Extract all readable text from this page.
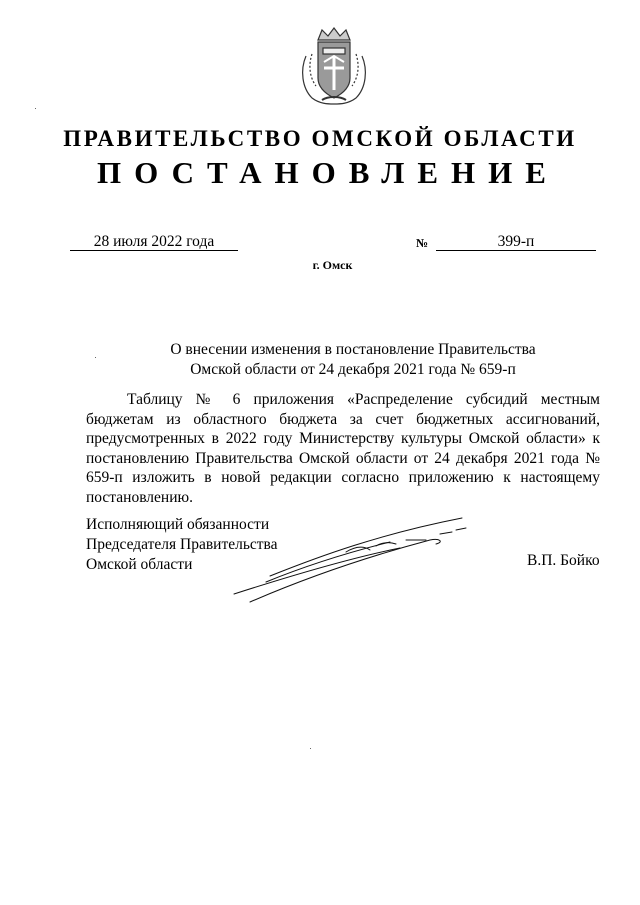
ПРАВИТЕЛЬСТВО ОМСКОЙ ОБЛАСТИ
ПОСТАНОВЛЕНИЕ
28 июля 2022 года	№	399-п
г. Омск
О внесении изменения в постановление Правительства
Омской области от 24 декабря 2021 года № 659-п
Таблицу № 6 приложения «Распределение субсидий местным бюджетам из областного бюджета за счет бюджетных ассигнований, предусмотренных в 2022 году Министерству культуры Омской области» к постановлению Правительства Омской области от 24 декабря 2021 года № 659-п изложить в новой редакции согласно приложению к настоящему постановлению.
Исполняющий обязанности
Председателя Правительства
Омской области	В.П. Бойко
